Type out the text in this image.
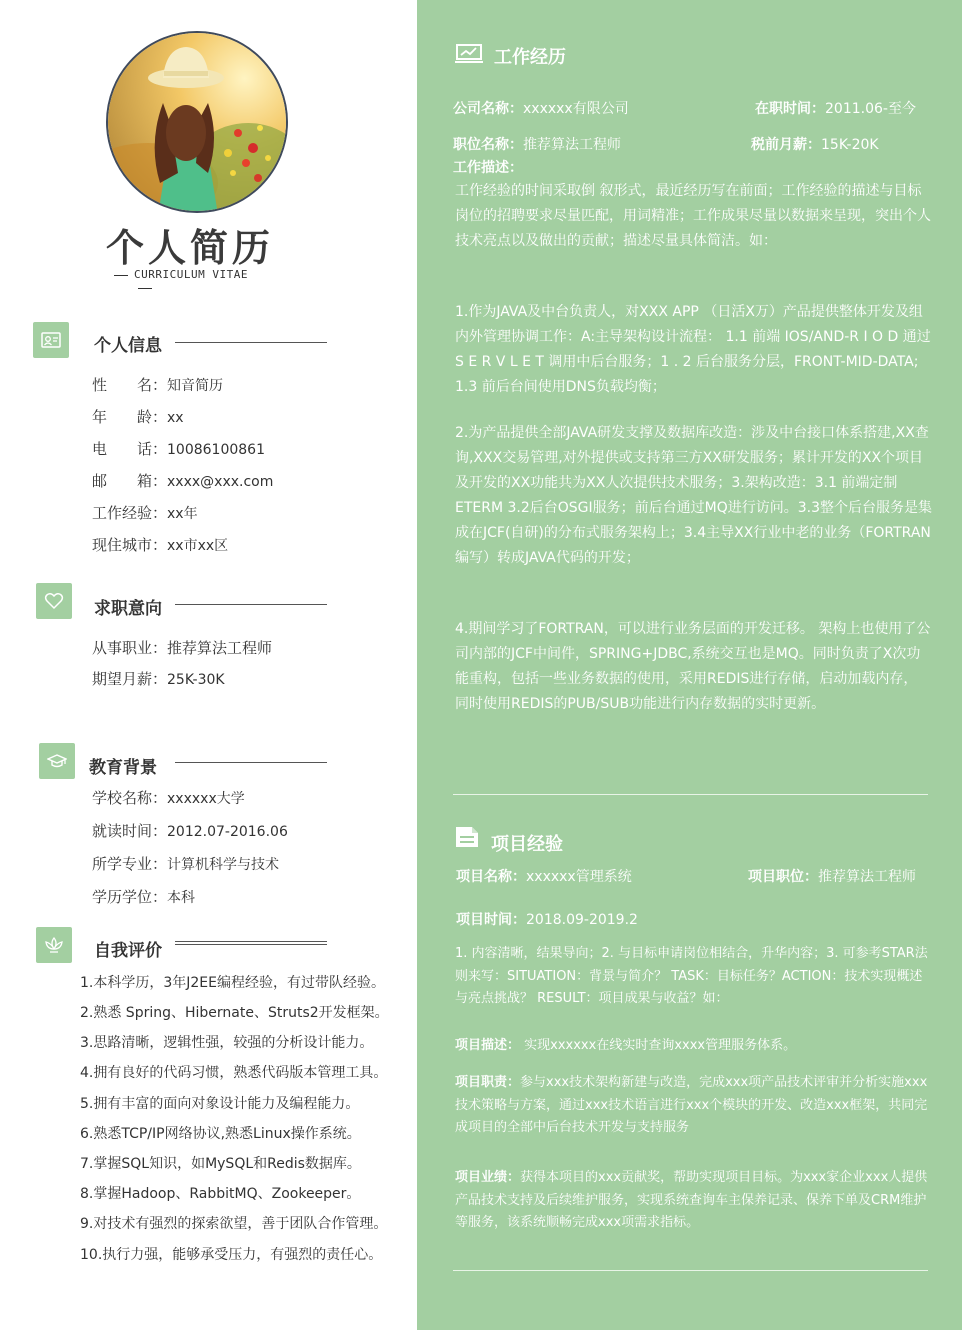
个人简历
CURRICULUM VITAE
个人信息
性　　名：知音简历
年　　龄：xx
电　　话：10086100861
邮　　箱：xxxx@xxx.com
工作经验：xx年
现住城市：xx市xx区
求职意向
从事职业：推荐算法工程师
期望月薪：25K-30K
教育背景
学校名称：xxxxxx大学
就读时间：2012.07-2016.06
所学专业：计算机科学与技术
学历学位：本科
自我评价
1.本科学历，3年J2EE编程经验，有过带队经验。
2.熟悉 Spring、Hibernate、Struts2开发框架。
3.思路清晰，逻辑性强，较强的分析设计能力。
4.拥有良好的代码习惯，熟悉代码版本管理工具。
5.拥有丰富的面向对象设计能力及编程能力。
6.熟悉TCP/IP网络协议,熟悉Linux操作系统。
7.掌握SQL知识，如MySQL和Redis数据库。
8.掌握Hadoop、RabbitMQ、Zookeeper。
9.对技术有强烈的探索欲望，善于团队合作管理。
10.执行力强，能够承受压力，有强烈的责任心。
工作经历
公司名称：xxxxxx有限公司	在职时间：2011.06-至今
职位名称：推荐算法工程师	税前月薪：15K-20K
工作描述：
工作经验的时间采取倒 叙形式，最近经历写在前面；工作经验的描述与目标岗位的招聘要求尽量匹配，用词精准；工作成果尽量以数据来呈现，突出个人技术亮点以及做出的贡献；描述尽量具体简洁。如：
1.作为JAVA及中台负责人，对XXX APP （日活X万）产品提供整体开发及组内外管理协调工作：A:主导架构设计流程： 1.1 前端 IOS/AND-R I O D 通过 S E R V L E T 调用中后台服务；1 . 2 后台服务分层，FRONT-MID-DATA; 1.3 前后台间使用DNS负载均衡；
2.为产品提供全部JAVA研发支撑及数据库改造：涉及中台接口体系搭建,XX查询,XXX交易管理,对外提供或支持第三方XX研发服务；累计开发的XX个项目及开发的XX功能共为XX人次提供技术服务；3.架构改造：3.1 前端定制ETERM 3.2后台OSGI服务；前后台通过MQ进行访问。3.3整个后台服务是集成在JCF(自研)的分布式服务架构上；3.4主导XX行业中老的业务（FORTRAN编写）转成JAVA代码的开发；
4.期间学习了FORTRAN，可以进行业务层面的开发迁移。 架构上也使用了公司内部的JCF中间件，SPRING+JDBC,系统交互也是MQ。同时负责了X次功能重构，包括一些业务数据的使用，采用REDIS进行存储，启动加载内存， 同时使用REDIS的PUB/SUB功能进行内存数据的实时更新。
项目经验
项目名称：xxxxxx管理系统	项目职位：推荐算法工程师
项目时间：2018.09-2019.2
1. 内容清晰，结果导向；2. 与目标申请岗位相结合，升华内容；3. 可参考STAR法则来写：SITUATION：背景与简介？ TASK：目标任务？ACTION：技术实现概述与亮点挑战？ RESULT：项目成果与收益？如：
项目描述： 实现xxxxxx在线实时查询xxxx管理服务体系。
项目职责：参与xxx技术架构新建与改造，完成xxx项产品技术评审并分析实施xxx技术策略与方案，通过xxx技术语言进行xxx个模块的开发、改造xxx框架，共同完成项目的全部中后台技术开发与支持服务
项目业绩：获得本项目的xxx贡献奖，帮助实现项目目标。为xxx家企业xxx人提供产品技术支持及后续维护服务，实现系统查询车主保养记录、保养下单及CRM维护等服务，该系统顺畅完成xxx项需求指标。
